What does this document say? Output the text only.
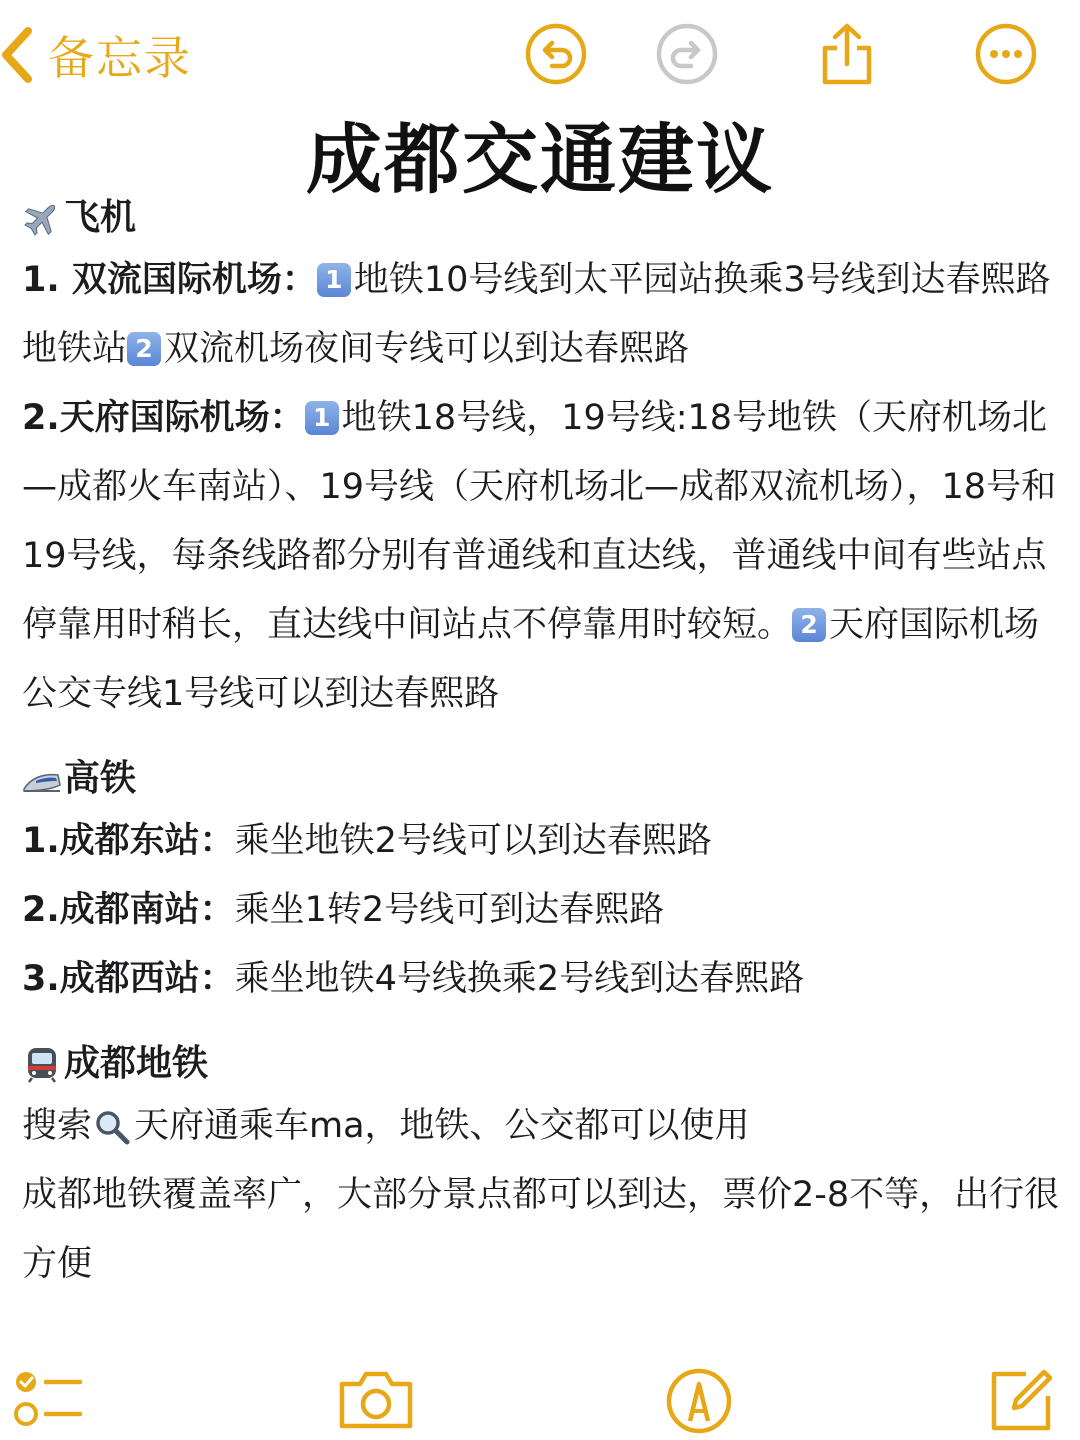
备忘录
成都交通建议
飞机

1. 双流国际机场： 1 地铁10号线到太平园站换乘3号线到达春熙路地铁站 2 双流机场夜间专线可以到达春熙路

2.天府国际机场： 1 地铁18号线，19号线:18号地铁（天府机场北—成都火车南站）、19号线（天府机场北—成都双流机场），18号和19号线，每条线路都分别有普通线和直达线，普通线中间有些站点停靠用时稍长，直达线中间站点不停靠用时较短。 2 天府国际机场公交专线1号线可以到达春熙路

高铁

1.成都东站：乘坐地铁2号线可以到达春熙路

2.成都南站：乘坐1转2号线可到达春熙路

3.成都西站：乘坐地铁4号线换乘2号线到达春熙路

成都地铁

搜索 天府通乘车ma，地铁、公交都可以使用

成都地铁覆盖率广，大部分景点都可以到达，票价2-8不等，出行很方便
